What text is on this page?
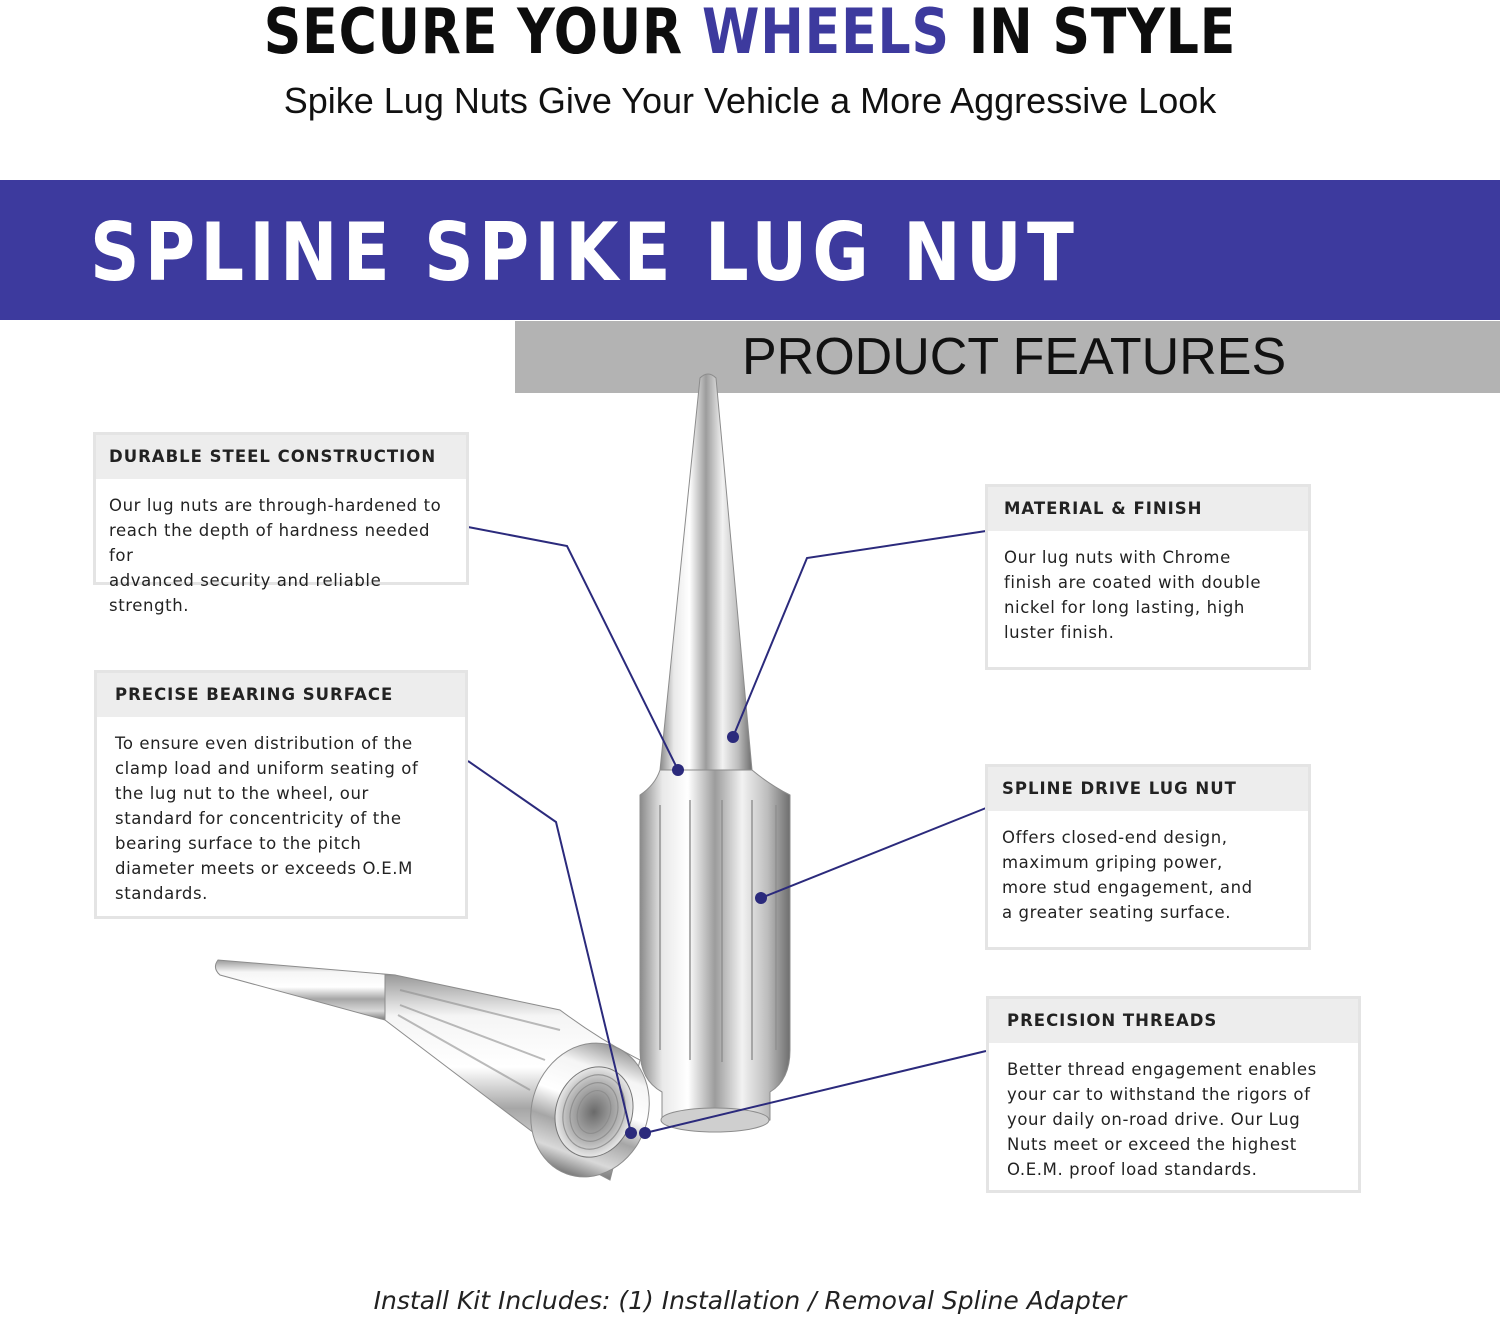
SECURE YOUR WHEELS IN STYLE
Spike Lug Nuts Give Your Vehicle a More Aggressive Look
SPLINE SPIKE LUG NUT
PRODUCT FEATURES
DURABLE STEEL CONSTRUCTION
Our lug nuts are through-hardened to
reach the depth of hardness needed for
advanced security and reliable strength.
PRECISE BEARING SURFACE
To ensure even distribution of the
clamp load and uniform seating of
the lug nut to the wheel, our
standard for concentricity of the
bearing surface to the pitch
diameter meets or exceeds O.E.M
standards.
MATERIAL & FINISH
Our lug nuts with Chrome
finish are coated with double
nickel for long lasting, high
luster finish.
SPLINE DRIVE LUG NUT
Offers closed-end design,
maximum griping power,
more stud engagement, and
a greater seating surface.
PRECISION THREADS
Better thread engagement enables
your car to withstand the rigors of
your daily on-road drive. Our Lug
Nuts meet or exceed the highest
O.E.M. proof load standards.
Install Kit Includes: (1) Installation / Removal Spline Adapter
